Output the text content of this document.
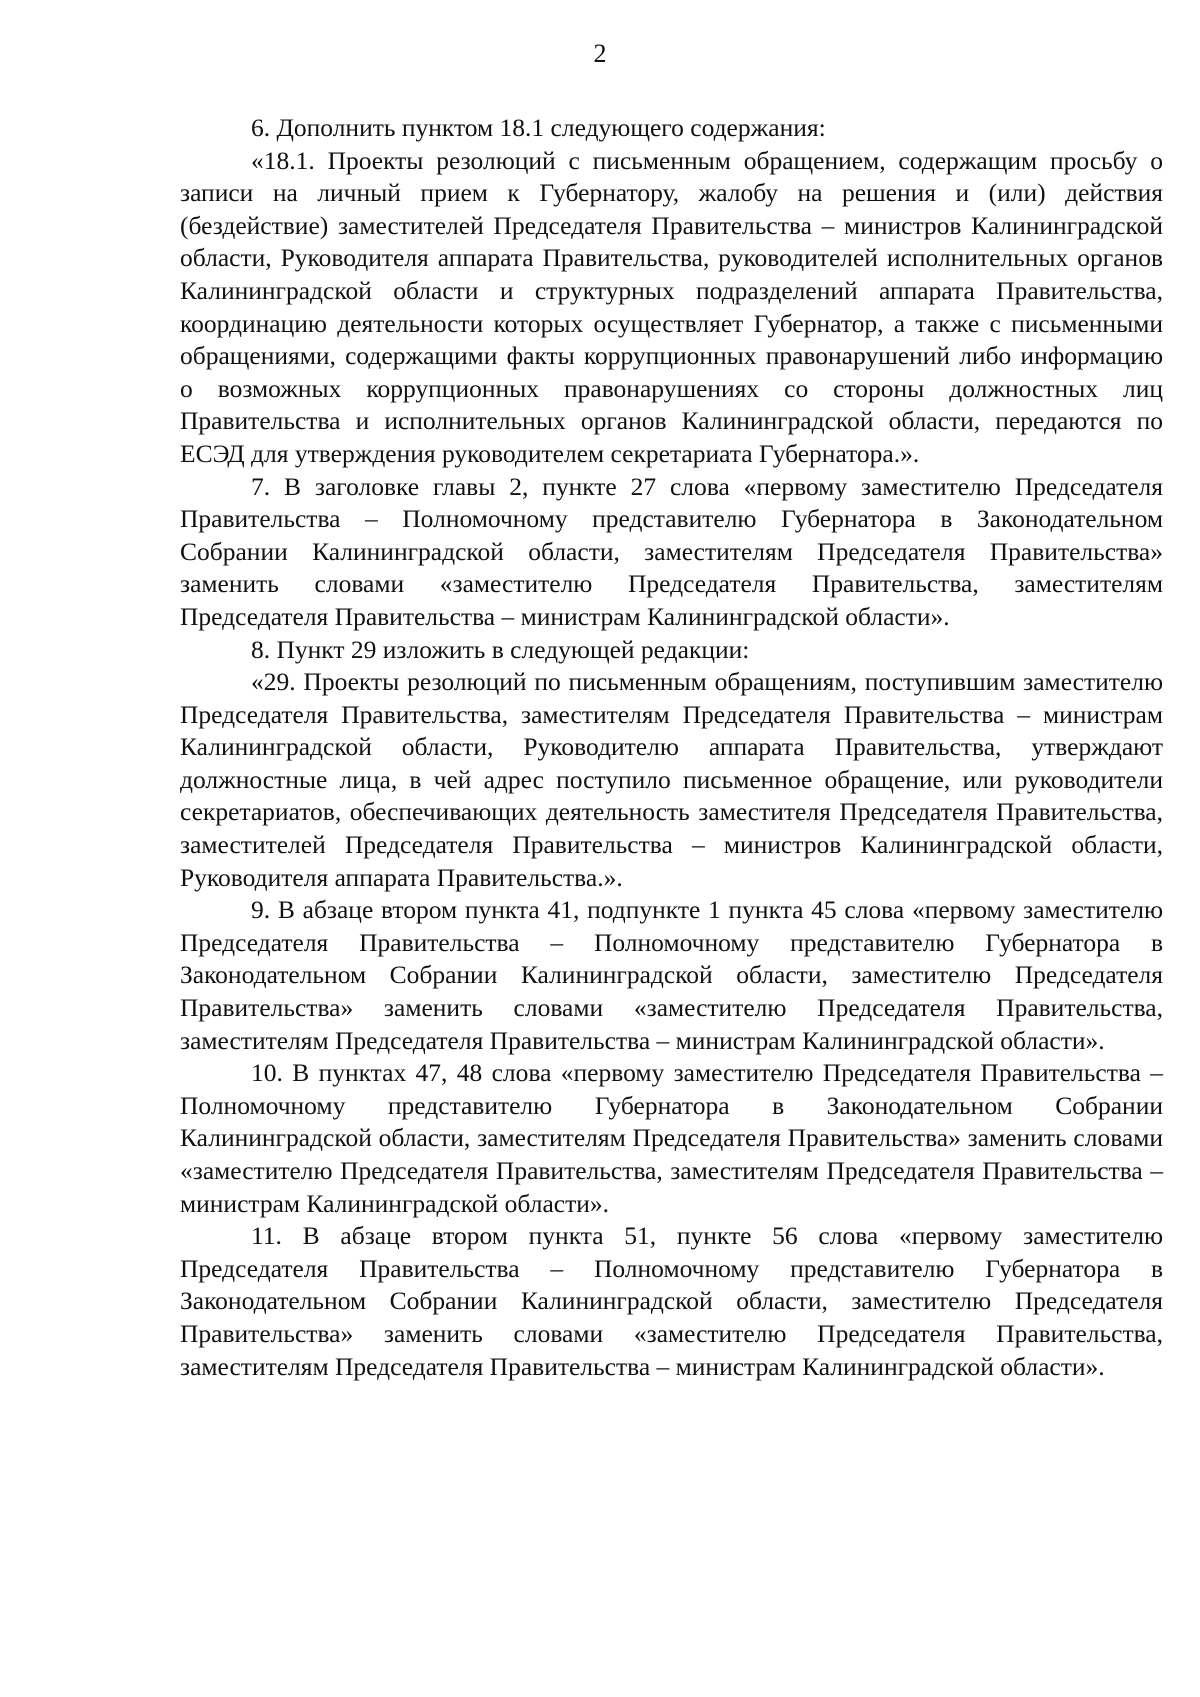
2

6. Дополнить пунктом 18.1 следующего содержания:

«18.1. Проекты резолюций с письменным обращением, содержащим просьбу о записи на личный прием к Губернатору, жалобу на решения и (или) действия (бездействие) заместителей Председателя Правительства – министров Калининградской области, Руководителя аппарата Правительства, руководителей исполнительных органов Калининградской области и структурных подразделений аппарата Правительства, координацию деятельности которых осуществляет Губернатор, а также с письменными обращениями, содержащими факты коррупционных правонарушений либо информацию о возможных коррупционных правонарушениях со стороны должностных лиц Правительства и исполнительных органов Калининградской области, передаются по ЕСЭД для утверждения руководителем секретариата Губернатора.».

7. В заголовке главы 2, пункте 27 слова «первому заместителю Председателя Правительства – Полномочному представителю Губернатора в Законодательном Собрании Калининградской области, заместителям Председателя Правительства» заменить словами «заместителю Председателя Правительства, заместителям Председателя Правительства – министрам Калининградской области».

8. Пункт 29 изложить в следующей редакции:

«29. Проекты резолюций по письменным обращениям, поступившим заместителю Председателя Правительства, заместителям Председателя Правительства – министрам Калининградской области, Руководителю аппарата Правительства, утверждают должностные лица, в чей адрес поступило письменное обращение, или руководители секретариатов, обеспечивающих деятельность заместителя Председателя Правительства, заместителей Председателя Правительства – министров Калининградской области, Руководителя аппарата Правительства.».

9. В абзаце втором пункта 41, подпункте 1 пункта 45 слова «первому заместителю Председателя Правительства – Полномочному представителю Губернатора в Законодательном Собрании Калининградской области, заместителю Председателя Правительства» заменить словами «заместителю Председателя Правительства, заместителям Председателя Правительства – министрам Калининградской области».

10. В пунктах 47, 48 слова «первому заместителю Председателя Правительства – Полномочному представителю Губернатора в Законодательном Собрании Калининградской области, заместителям Председателя Правительства» заменить словами «заместителю Председателя Правительства, заместителям Председателя Правительства – министрам Калининградской области».

11. В абзаце втором пункта 51, пункте 56 слова «первому заместителю Председателя Правительства – Полномочному представителю Губернатора в Законодательном Собрании Калининградской области, заместителю Председателя Правительства» заменить словами «заместителю Председателя Правительства, заместителям Председателя Правительства – министрам Калининградской области».
